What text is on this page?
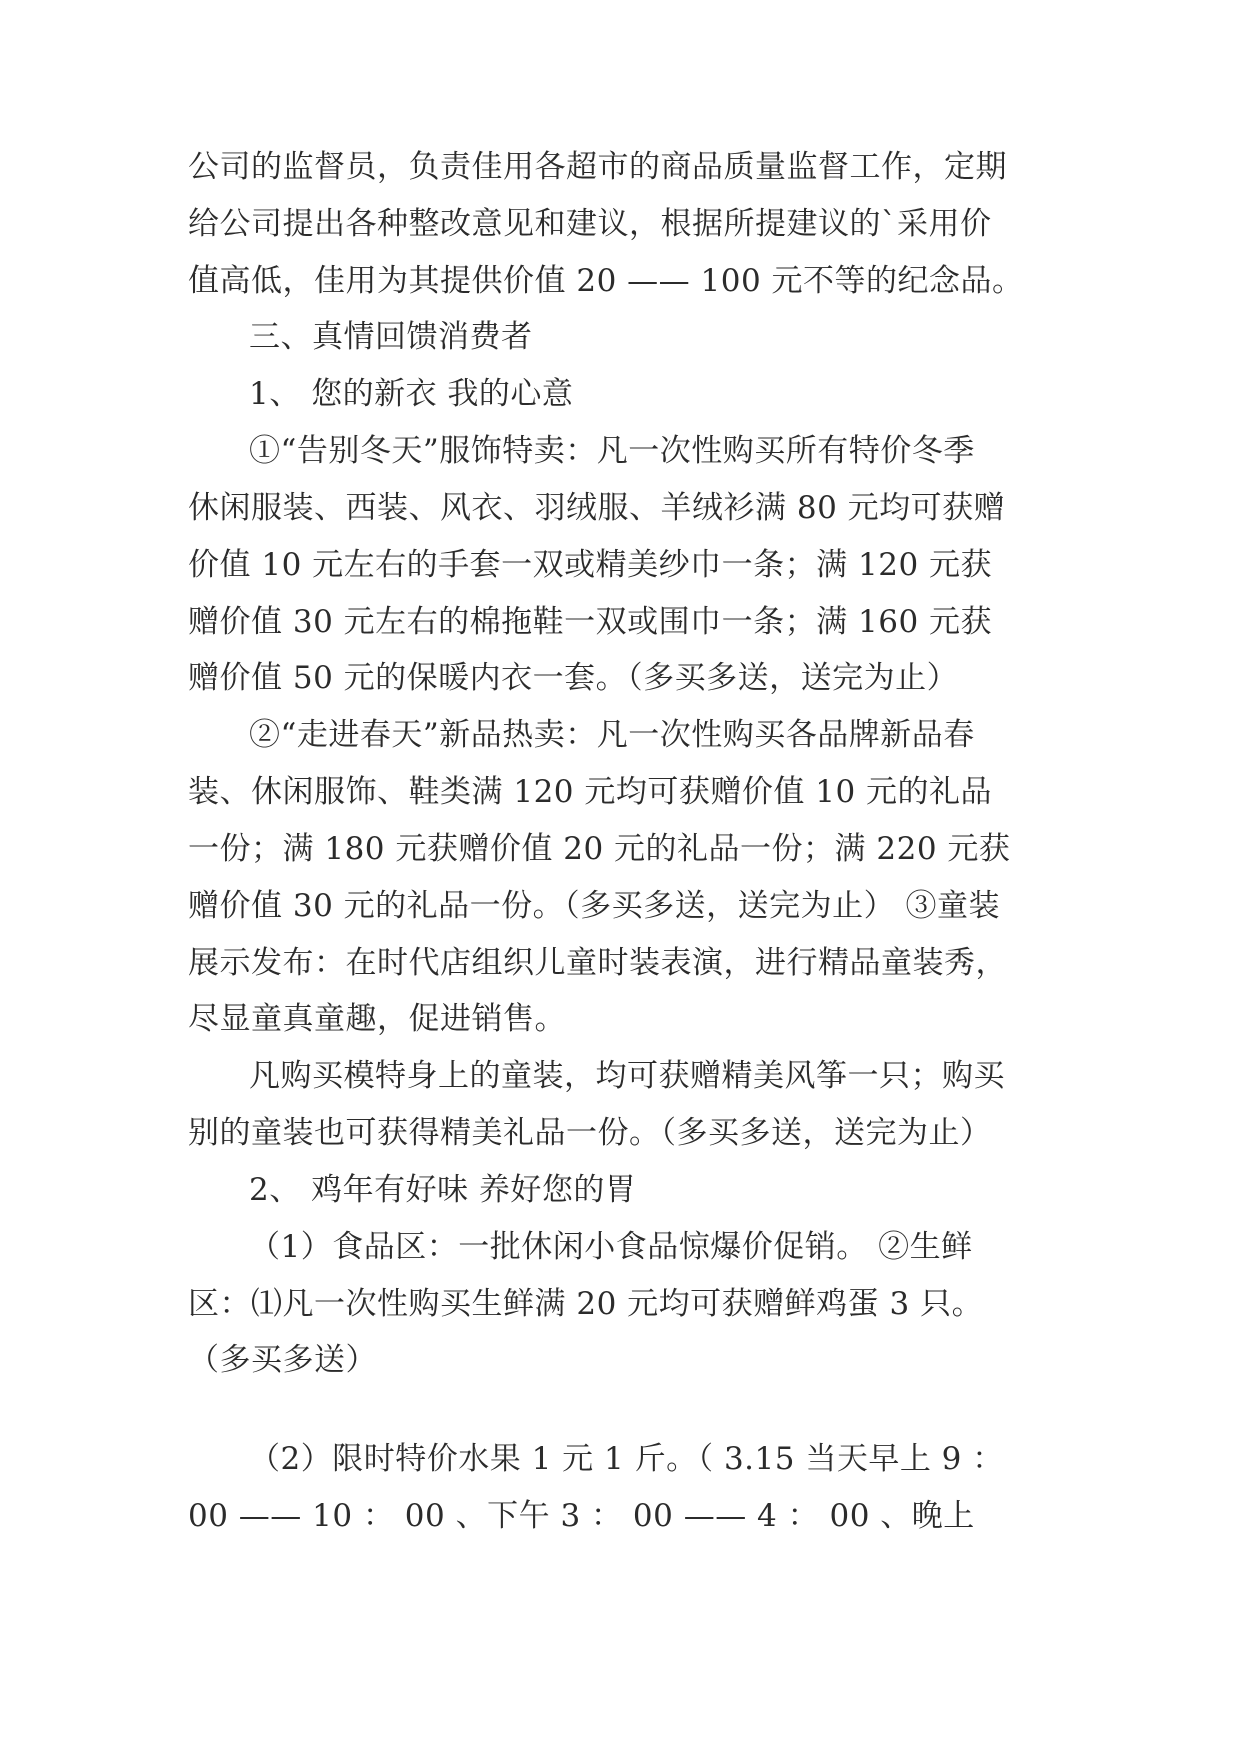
公司的监督员，负责佳用各超市的商品质量监督工作，定期

给公司提出各种整改意见和建议，根据所提建议的`采用价

值高低，佳用为其提供价值 20 —— 100 元不等的纪念品。

三、真情回馈消费者

1、 您的新衣 我的心意

①“告别冬天”服饰特卖：凡一次性购买所有特价冬季

休闲服装、西装、风衣、羽绒服、羊绒衫满 80 元均可获赠

价值 10 元左右的手套一双或精美纱巾一条；满 120 元获

赠价值 30 元左右的棉拖鞋一双或围巾一条；满 160 元获

赠价值 50 元的保暖内衣一套。（多买多送，送完为止）

②“走进春天”新品热卖：凡一次性购买各品牌新品春

装、休闲服饰、鞋类满 120 元均可获赠价值 10 元的礼品

一份；满 180 元获赠价值 20 元的礼品一份；满 220 元获

赠价值 30 元的礼品一份。（多买多送，送完为止） ③童装

展示发布：在时代店组织儿童时装表演，进行精品童装秀，

尽显童真童趣，促进销售。

凡购买模特身上的童装，均可获赠精美风筝一只；购买

别的童装也可获得精美礼品一份。（多买多送，送完为止）

2、 鸡年有好味 养好您的胃

（1）食品区：一批休闲小食品惊爆价促销。 ②生鲜

区：⑴凡一次性购买生鲜满 20 元均可获赠鲜鸡蛋 3 只。

（多买多送）

（2）限时特价水果 1 元 1 斤。（ 3.15 当天早上 9 ：

00 —— 10 ： 00 、下午 3 ： 00 —— 4 ： 00 、晚上
